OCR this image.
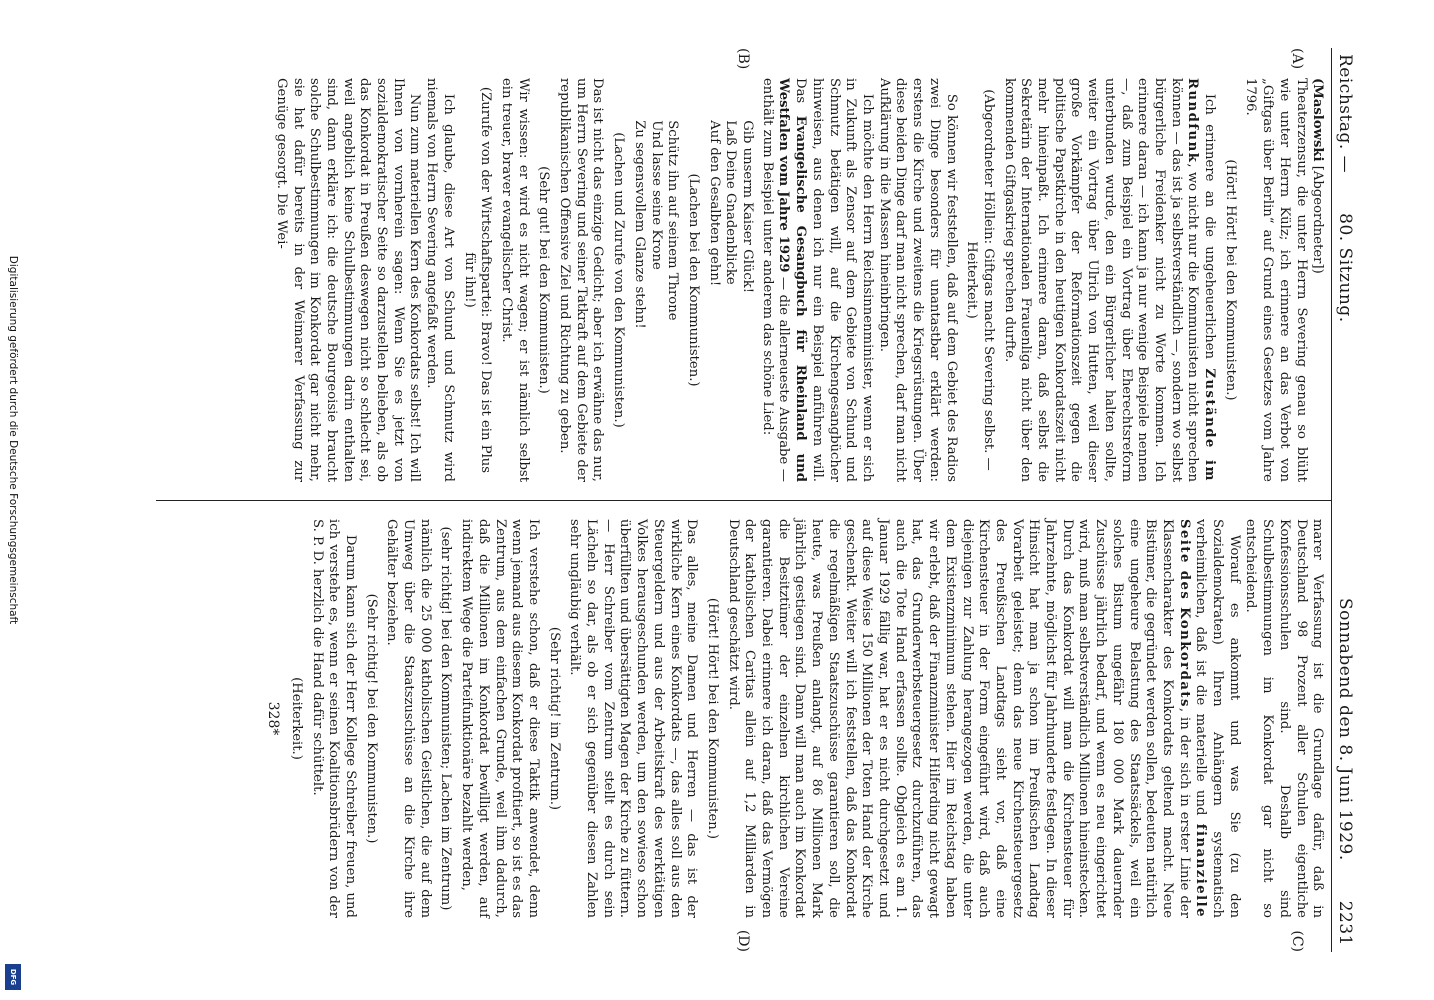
Digitalisierung gefördert durch die Deutsche Forschungsgemeinschaft
DFG
Reichstag. —
80. Sitzung.
Sonnabend den 8. Juni 1929.
2231
(A)
(B)

(Maslowski [Abgeordneter])

Theaterzensur, die unter Herrn Severing genau so blüht wie unter Herrn Külz; ich erinnere an das Verbot von „Giftgas über Berlin“ auf Grund eines Gesetzes vom Jahre 1796.

(Hört! Hört! bei den Kommunisten.)

Ich erinnere an die ungeheuerlichen Zustände im Rundfunk, wo nicht nur die Kommunisten nicht sprechen können — das ist ja selbstverständlich —, sondern wo selbst bürgerliche Freidenker nicht zu Worte kommen. Ich erinnere daran — ich kann ja nur wenige Beispiele nennen —, daß zum Beispiel ein Vortrag über Eherechtsreform unterbunden wurde, den ein Bürgerlicher halten sollte, weiter ein Vortrag über Ulrich von Hutten, weil dieser große Vorkämpfer der Reformationszeit gegen die politische Papstkirche in den heutigen Konkordatszeit nicht mehr hineinpaßt. Ich erinnere daran, daß selbst die Sekretärin der Internationalen Frauenliga nicht über den kommenden Giftgaskrieg sprechen durfte.

(Abgeordneter Höllein: Giftgas macht Severing selbst. — Heiterkeit.)

So können wir feststellen, daß auf dem Gebiet des Radios zwei Dinge besonders für unantastbar erklärt werden: erstens die Kirche und zweitens die Kriegsrüstungen. Über diese beiden Dinge darf man nicht sprechen, darf man nicht Aufklärung in die Massen hineinbringen.

Ich möchte den Herrn Reichsinnenminister, wenn er sich in Zukunft als Zensor auf dem Gebiete von Schund und Schmutz betätigen will, auf die Kirchengesangbücher hinweisen, aus denen ich nur ein Beispiel anführen will. Das Evangelische Gesangbuch für Rheinland und Westfalen vom Jahre 1929 — die allerneueste Ausgabe — enthält zum Beispiel unter anderem das schöne Lied:

Gib unserm Kaiser Glück!

Laß Deine Gnadenblicke

Auf den Gesalbten gehn!

(Lachen bei den Kommunisten.)

Schütz ihn auf seinem Throne

Und lasse seine Krone

Zu segensvollem Glanze stehn!

(Lachen und Zurufe von den Kommunisten.)

Das ist nicht das einzige Gedicht; aber ich erwähne das nur, um Herrn Severing und seiner Tatkraft auf dem Gebiete der republikanischen Offensive Ziel und Richtung zu geben.

(Sehr gut! bei den Kommunisten.)

Wir wissen: er wird es nicht wagen; er ist nämlich selbst ein treuer, braver evangelischer Christ.

(Zurufe von der Wirtschaftspartei: Bravo! Das ist ein Plus für ihn!)

Ich glaube, diese Art von Schund und Schmutz wird niemals von Herrn Severing angefaßt werden.

Nun zum materiellen Kern des Konkordats selbst! Ich will Ihnen von vornherein sagen: Wenn Sie es jetzt von sozialdemokratischer Seite so darzustellen belieben, als ob das Konkordat in Preußen deswegen nicht so schlecht sei, weil angeblich keine Schulbestimmungen darin enthalten sind, dann erkläre ich: die deutsche Bourgeoisie braucht solche Schulbestimmungen im Konkordat gar nicht mehr, sie hat dafür bereits in der Weimarer Verfassung zur Genüge gesorgt. Die Wei-

(C)
(D)

marer Verfassung ist die Grundlage dafür, daß in Deutschland 98 Prozent aller Schulen eigentliche Konfessionsschulen sind. Deshalb sind Schulbestimmungen im Konkordat gar nicht so entscheidend.

Worauf es ankommt und was Sie (zu den Sozialdemokraten) Ihren Anhängern systematisch verheimlichen, daß ist die materielle und finanzielle Seite des Konkordats, in der sich in erster Linie der Klassencharakter des Konkordats geltend macht. Neue Bistümer, die gegründet werden sollen, bedeuten natürlich eine ungeheure Belastung des Staatssäckels, weil ein solches Bistum ungefähr 180 000 Mark dauernder Zuschüsse jährlich bedarf, und wenn es neu eingerichtet wird, muß man selbstverständlich Millionen hineinstecken. Durch das Konkordat will man die Kirchensteuer für Jahrzehnte, möglichst für Jahrhunderte festlegen. In dieser Hinsicht hat man ja schon im Preußischen Landtag Vorarbeit geleistet; denn das neue Kirchensteuergesetz des Preußischen Landtags sieht vor, daß eine Kirchensteuer in der Form eingeführt wird, daß auch diejenigen zur Zahlung herangezogen werden, die unter dem Existenzminimum stehen. Hier im Reichstag haben wir erlebt, daß der Finanzminister Hilferding nicht gewagt hat, das Grunderwerbsteuergesetz durchzuführen, das auch die Tote Hand erfassen sollte. Obgleich es am 1. Januar 1929 fällig war, hat er es nicht durchgesetzt und auf diese Weise 150 Millionen der Toten Hand der Kirche geschenkt. Weiter will ich feststellen, daß das Konkordat die regelmäßigen Staatszuschüsse garantieren soll, die heute, was Preußen anlangt, auf 86 Millionen Mark jährlich gestiegen sind. Dann will man auch im Konkordat die Besitztümer der einzelnen kirchlichen Vereine garantieren. Dabei erinnere ich daran, daß das Vermögen der katholischen Caritas allein auf 1,2 Milliarden in Deutschland geschätzt wird.

(Hört! Hört! bei den Kommunisten.)

Das alles, meine Damen und Herren — das ist der wirkliche Kern eines Konkordats —, das alles soll aus den Steuergeldern und aus der Arbeitskraft des werktätigen Volkes herausgeschunden werden, um den sowieso schon überfüllten und übersättigten Magen der Kirche zu füttern. — Herr Schreiber vom Zentrum stellt es durch sein Lächeln so dar, als ob er sich gegenüber diesen Zahlen sehr ungläubig verhält.

(Sehr richtig! im Zentrum.)

Ich verstehe schon, daß er diese Taktik anwendet, denn wenn jemand aus diesem Konkordat profitiert, so ist es das Zentrum, aus dem einfachen Grunde, weil ihm dadurch, daß die Millionen im Konkordat bewilligt werden, auf indirektem Wege die Parteifunktionäre bezahlt werden,

(sehr richtig! bei den Kommunisten; Lachen im Zentrum)

nämlich die 25 000 katholischen Geistlichen, die auf dem Umweg über die Staatszuschüsse an die Kirche ihre Gehälter beziehen.

(Sehr richtig! bei den Kommunisten.)

Darum kann sich der Herr Kollege Schreiber freuen, und ich verstehe es, wenn er seinen Koalitionsbrüdern von der S. P. D. herzlich die Hand dafür schüttelt.

(Heiterkeit.)

328*
